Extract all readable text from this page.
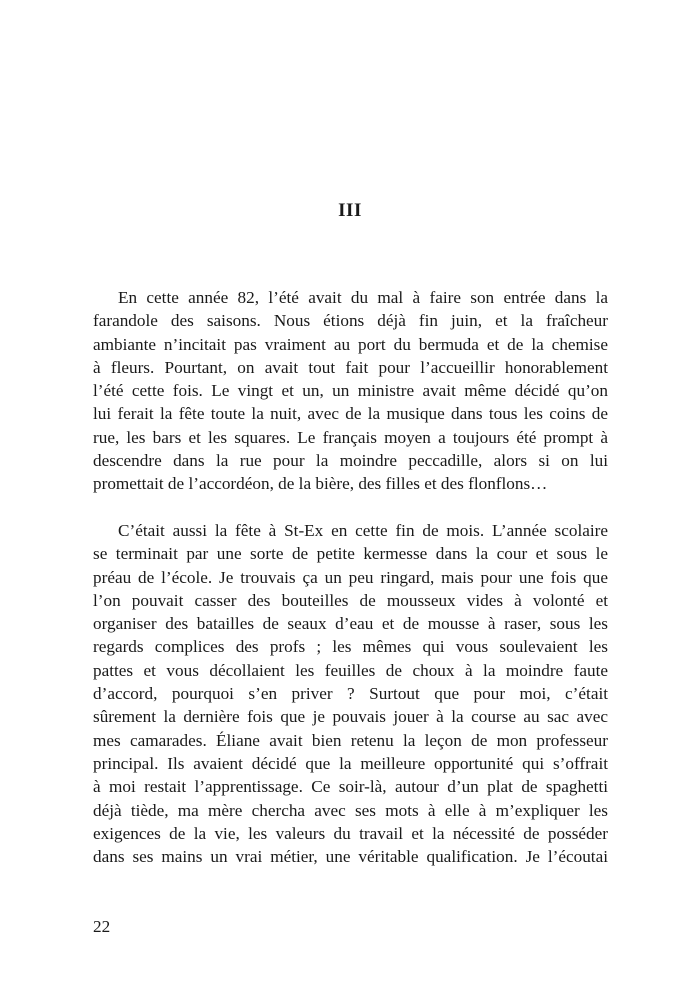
III

En cette année 82, l’été avait du mal à faire son entrée dans la
farandole des saisons. Nous étions déjà fin juin, et la fraîcheur
ambiante n’incitait pas vraiment au port du bermuda et de la chemise
à fleurs. Pourtant, on avait tout fait pour l’accueillir honorablement
l’été cette fois. Le vingt et un, un ministre avait même décidé qu’on
lui ferait la fête toute la nuit, avec de la musique dans tous les coins de
rue, les bars et les squares. Le français moyen a toujours été prompt à
descendre dans la rue pour la moindre peccadille, alors si on lui
promettait de l’accordéon, de la bière, des filles et des flonflons…

C’était aussi la fête à St-Ex en cette fin de mois. L’année scolaire
se terminait par une sorte de petite kermesse dans la cour et sous le
préau de l’école. Je trouvais ça un peu ringard, mais pour une fois que
l’on pouvait casser des bouteilles de mousseux vides à volonté et
organiser des batailles de seaux d’eau et de mousse à raser, sous les
regards complices des profs ; les mêmes qui vous soulevaient les
pattes et vous décollaient les feuilles de choux à la moindre faute
d’accord, pourquoi s’en priver ? Surtout que pour moi, c’était
sûrement la dernière fois que je pouvais jouer à la course au sac avec
mes camarades. Éliane avait bien retenu la leçon de mon professeur
principal. Ils avaient décidé que la meilleure opportunité qui s’offrait
à moi restait l’apprentissage. Ce soir-là, autour d’un plat de spaghetti
déjà tiède, ma mère chercha avec ses mots à elle à m’expliquer les
exigences de la vie, les valeurs du travail et la nécessité de posséder
dans ses mains un vrai métier, une véritable qualification. Je l’écoutai

22
